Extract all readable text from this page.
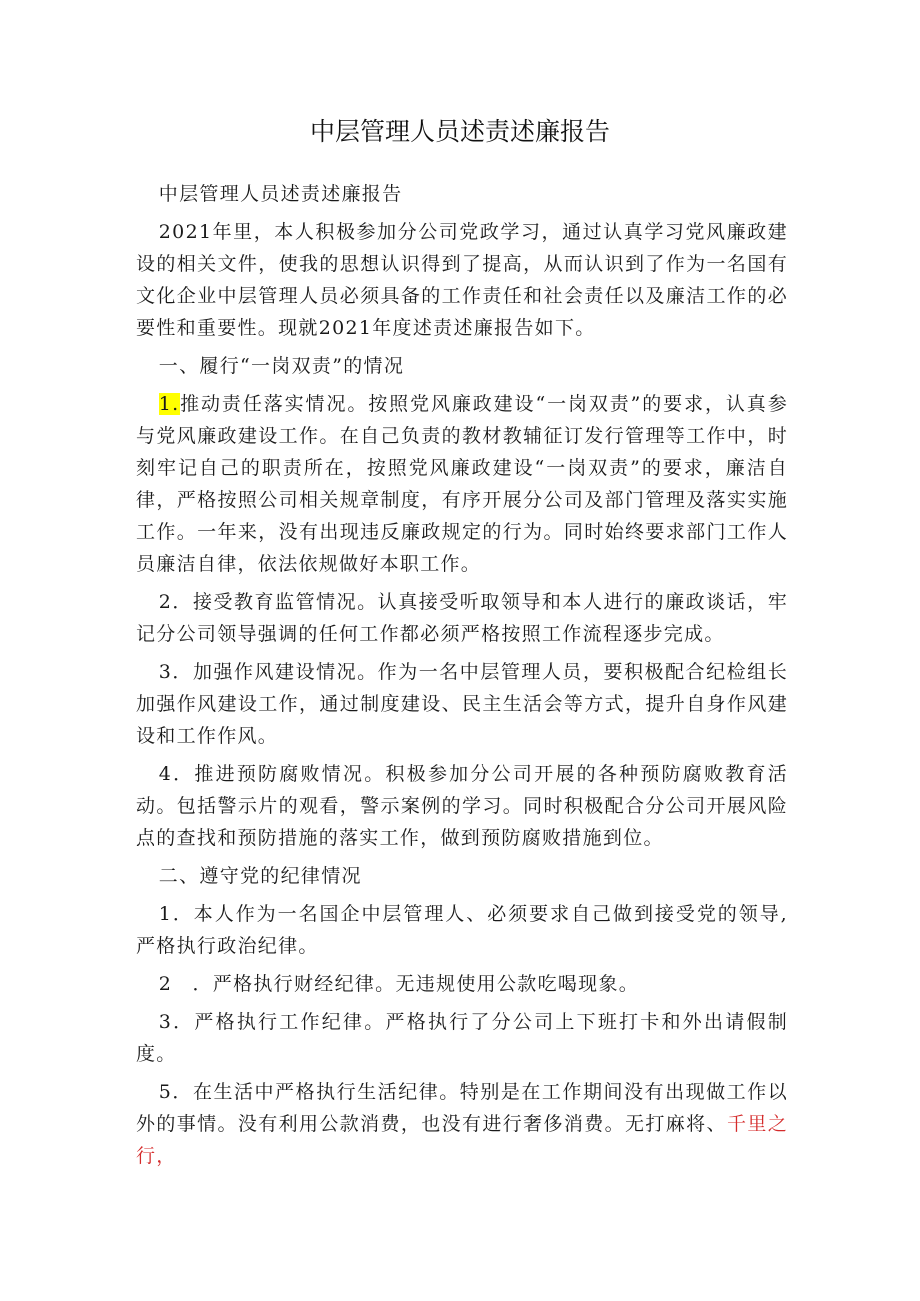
中层管理人员述责述廉报告

中层管理人员述责述廉报告

2021年里，本人积极参加分公司党政学习，通过认真学习党风廉政建设的相关文件，使我的思想认识得到了提高，从而认识到了作为一名国有文化企业中层管理人员必须具备的工作责任和社会责任以及廉洁工作的必要性和重要性。现就2021年度述责述廉报告如下。

一、履行“一岗双责”的情况

1.推动责任落实情况。按照党风廉政建设“一岗双责”的要求，认真参与党风廉政建设工作。在自己负责的教材教辅征订发行管理等工作中，时刻牢记自己的职责所在，按照党风廉政建设“一岗双责”的要求，廉洁自律，严格按照公司相关规章制度，有序开展分公司及部门管理及落实实施工作。一年来，没有出现违反廉政规定的行为。同时始终要求部门工作人员廉洁自律，依法依规做好本职工作。

2．接受教育监管情况。认真接受听取领导和本人进行的廉政谈话，牢记分公司领导强调的任何工作都必须严格按照工作流程逐步完成。

3．加强作风建设情况。作为一名中层管理人员，要积极配合纪检组长加强作风建设工作，通过制度建设、民主生活会等方式，提升自身作风建设和工作作风。

4．推进预防腐败情况。积极参加分公司开展的各种预防腐败教育活动。包括警示片的观看，警示案例的学习。同时积极配合分公司开展风险点的查找和预防措施的落实工作，做到预防腐败措施到位。

二、遵守党的纪律情况

1．本人作为一名国企中层管理人、必须要求自己做到接受党的领导,严格执行政治纪律。

2　．严格执行财经纪律。无违规使用公款吃喝现象。

3．严格执行工作纪律。严格执行了分公司上下班打卡和外出请假制度。

5．在生活中严格执行生活纪律。特别是在工作期间没有出现做工作以外的事情。没有利用公款消费，也没有进行奢侈消费。无打麻将、千里之行，
